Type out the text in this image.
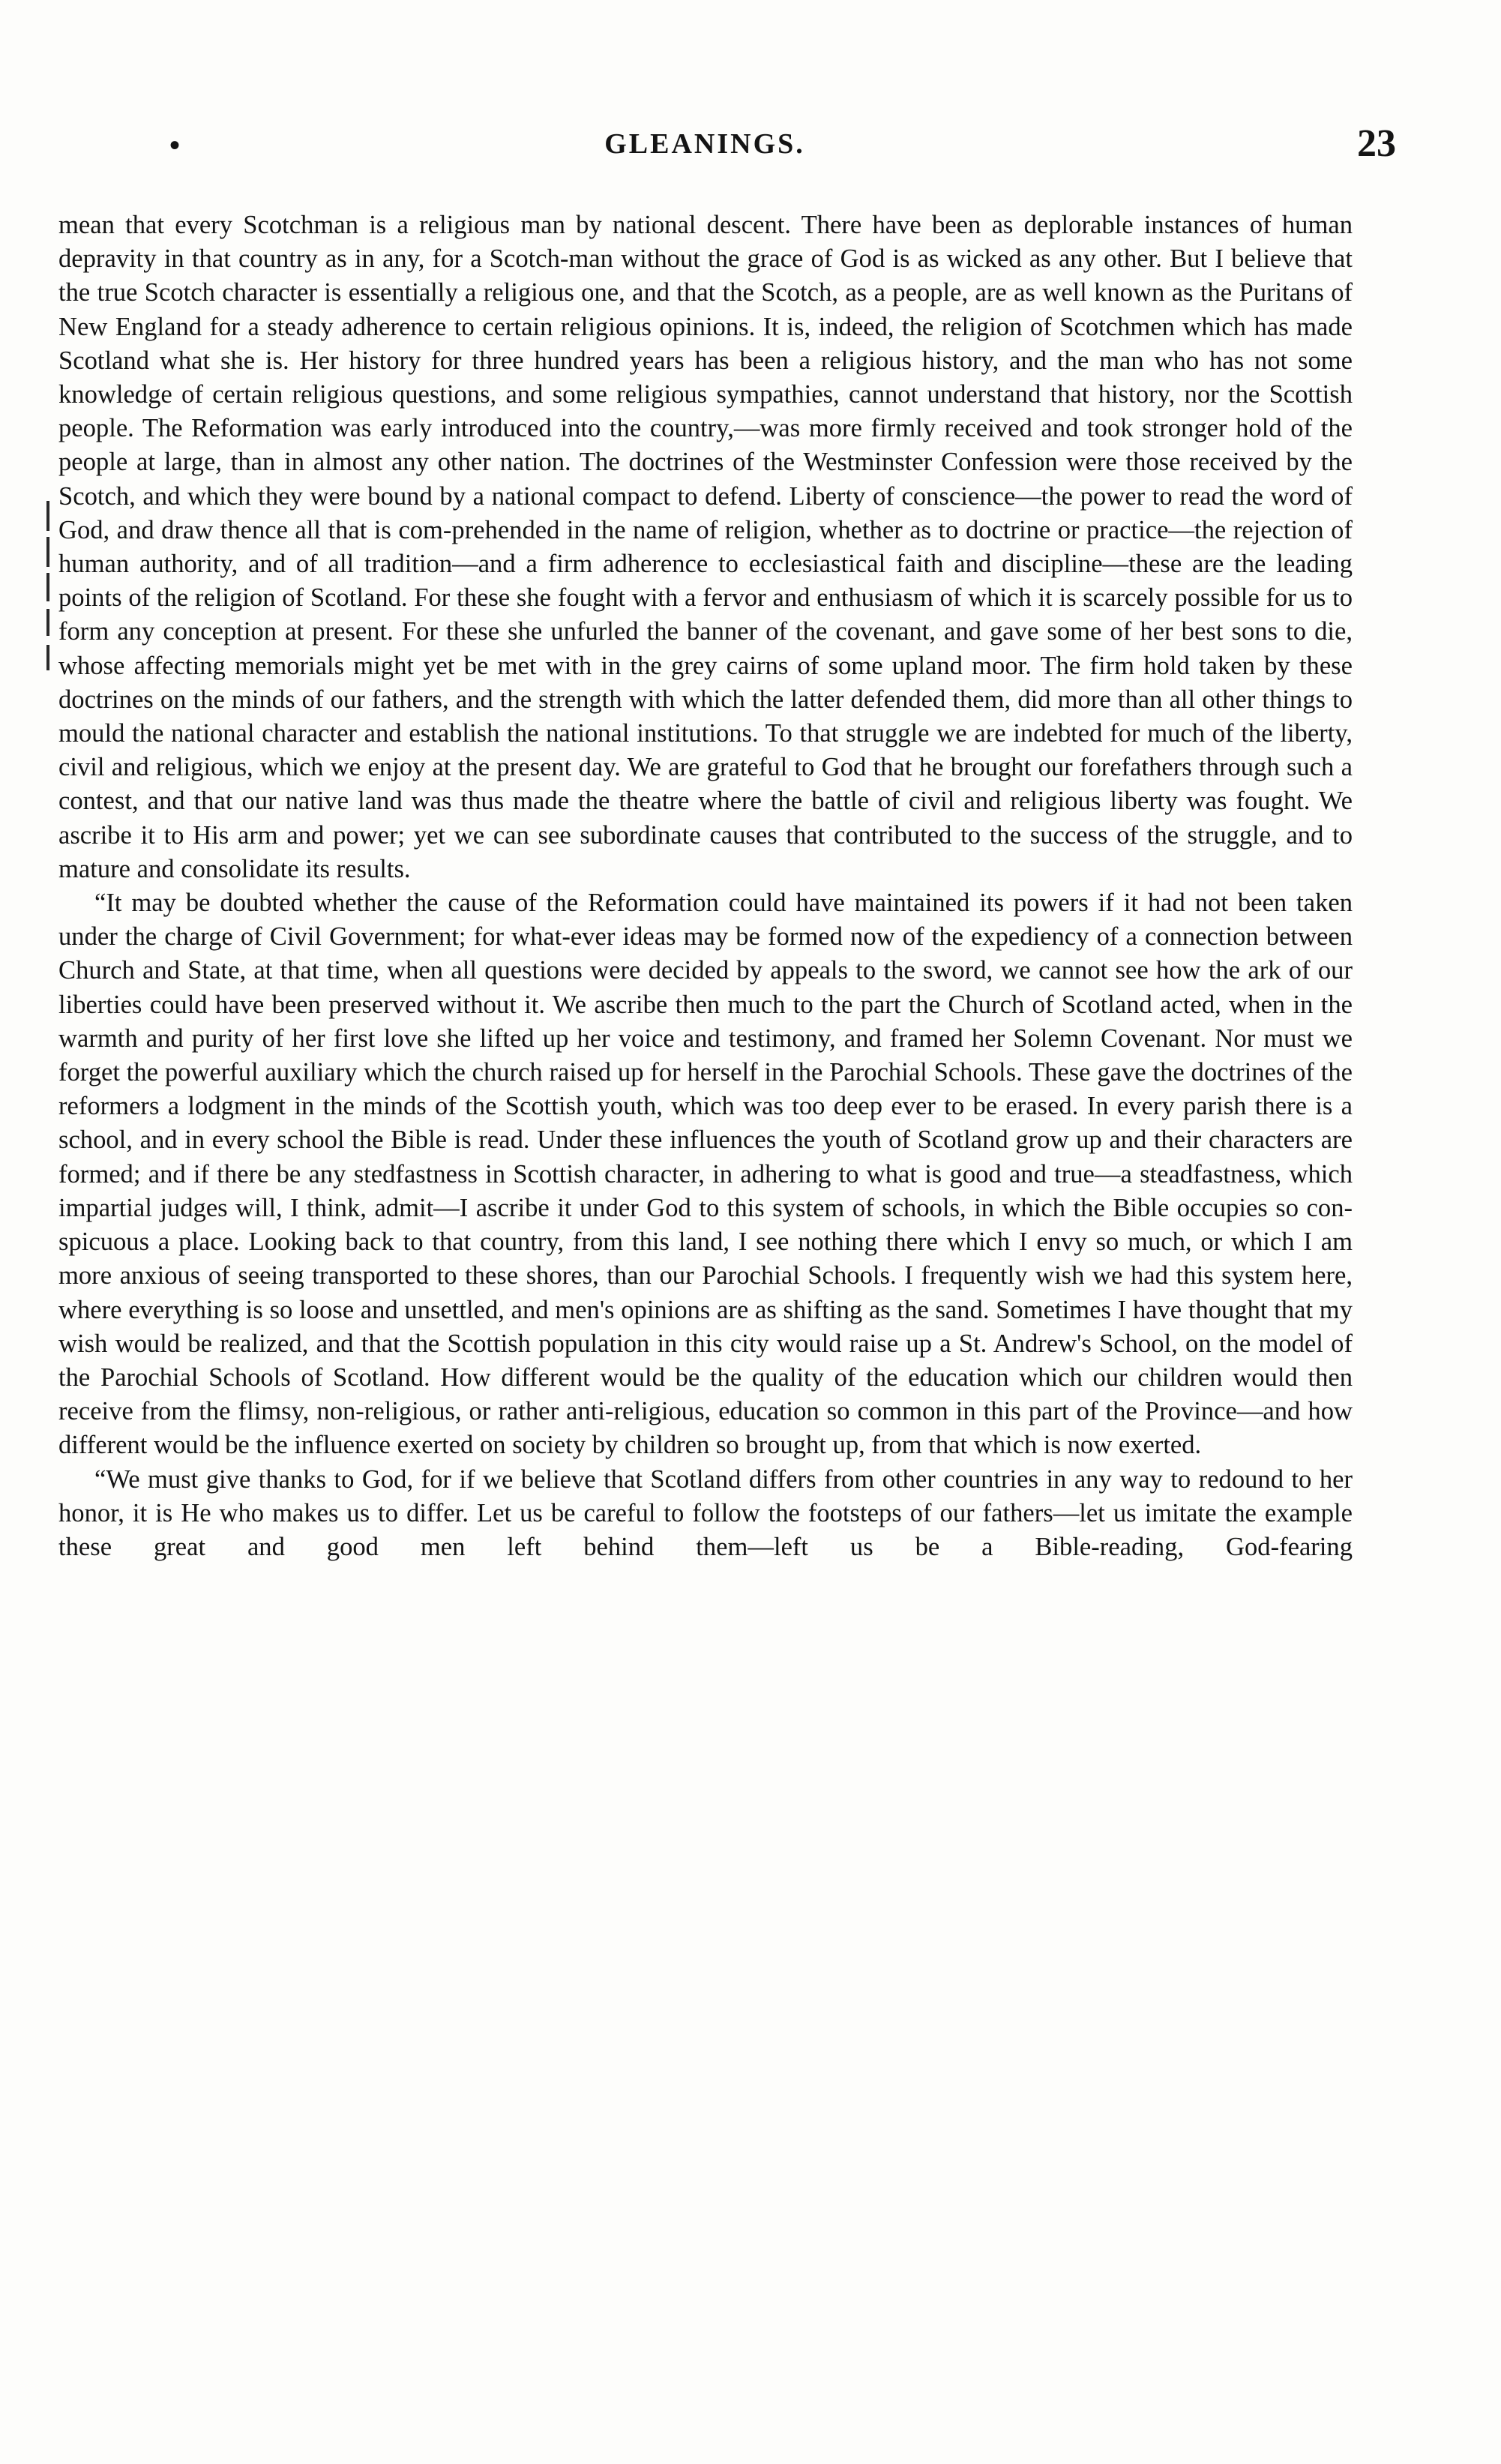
•	GLEANINGS.	23

mean that every Scotchman is a religious man by national descent. There have been as deplorable instances of human depravity in that country as in any, for a Scotch-man without the grace of God is as wicked as any other. But I believe that the true Scotch character is essentially a religious one, and that the Scotch, as a people, are as well known as the Puritans of New England for a steady adherence to certain religious opinions. It is, indeed, the religion of Scotchmen which has made Scotland what she is. Her history for three hundred years has been a religious history, and the man who has not some knowledge of certain religious questions, and some religious sympathies, cannot understand that history, nor the Scottish people. The Reformation was early introduced into the country,—was more firmly received and took stronger hold of the people at large, than in almost any other nation. The doctrines of the Westminster Confession were those received by the Scotch, and which they were bound by a national compact to defend. Liberty of conscience—the power to read the word of God, and draw thence all that is com-prehended in the name of religion, whether as to doctrine or practice—the rejection of human authority, and of all tradition—and a firm adherence to ecclesiastical faith and discipline—these are the leading points of the religion of Scotland. For these she fought with a fervor and enthusiasm of which it is scarcely possible for us to form any conception at present. For these she unfurled the banner of the covenant, and gave some of her best sons to die, whose affecting memorials might yet be met with in the grey cairns of some upland moor. The firm hold taken by these doctrines on the minds of our fathers, and the strength with which the latter defended them, did more than all other things to mould the national character and establish the national institutions. To that struggle we are indebted for much of the liberty, civil and religious, which we enjoy at the present day. We are grateful to God that he brought our forefathers through such a contest, and that our native land was thus made the theatre where the battle of civil and religious liberty was fought. We ascribe it to His arm and power; yet we can see subordinate causes that contributed to the success of the struggle, and to mature and consolidate its results.

“It may be doubted whether the cause of the Reformation could have maintained its powers if it had not been taken under the charge of Civil Government; for what-ever ideas may be formed now of the expediency of a connection between Church and State, at that time, when all questions were decided by appeals to the sword, we cannot see how the ark of our liberties could have been preserved without it. We ascribe then much to the part the Church of Scotland acted, when in the warmth and purity of her first love she lifted up her voice and testimony, and framed her Solemn Covenant. Nor must we forget the powerful auxiliary which the church raised up for herself in the Parochial Schools. These gave the doctrines of the reformers a lodgment in the minds of the Scottish youth, which was too deep ever to be erased. In every parish there is a school, and in every school the Bible is read. Under these influences the youth of Scotland grow up and their characters are formed; and if there be any stedfastness in Scottish character, in adhering to what is good and true—a steadfastness, which impartial judges will, I think, admit—I ascribe it under God to this system of schools, in which the Bible occupies so con-spicuous a place. Looking back to that country, from this land, I see nothing there which I envy so much, or which I am more anxious of seeing transported to these shores, than our Parochial Schools. I frequently wish we had this system here, where everything is so loose and unsettled, and men's opinions are as shifting as the sand. Sometimes I have thought that my wish would be realized, and that the Scottish population in this city would raise up a St. Andrew's School, on the model of the Parochial Schools of Scotland. How different would be the quality of the education which our children would then receive from the flimsy, non-religious, or rather anti-religious, education so common in this part of the Province—and how different would be the influence exerted on society by children so brought up, from that which is now exerted.

“We must give thanks to God, for if we believe that Scotland differs from other countries in any way to redound to her honor, it is He who makes us to differ. Let us be careful to follow the footsteps of our fathers—let us imitate the example these great and good men left behind them—left us be a Bible-reading, God-fearing
